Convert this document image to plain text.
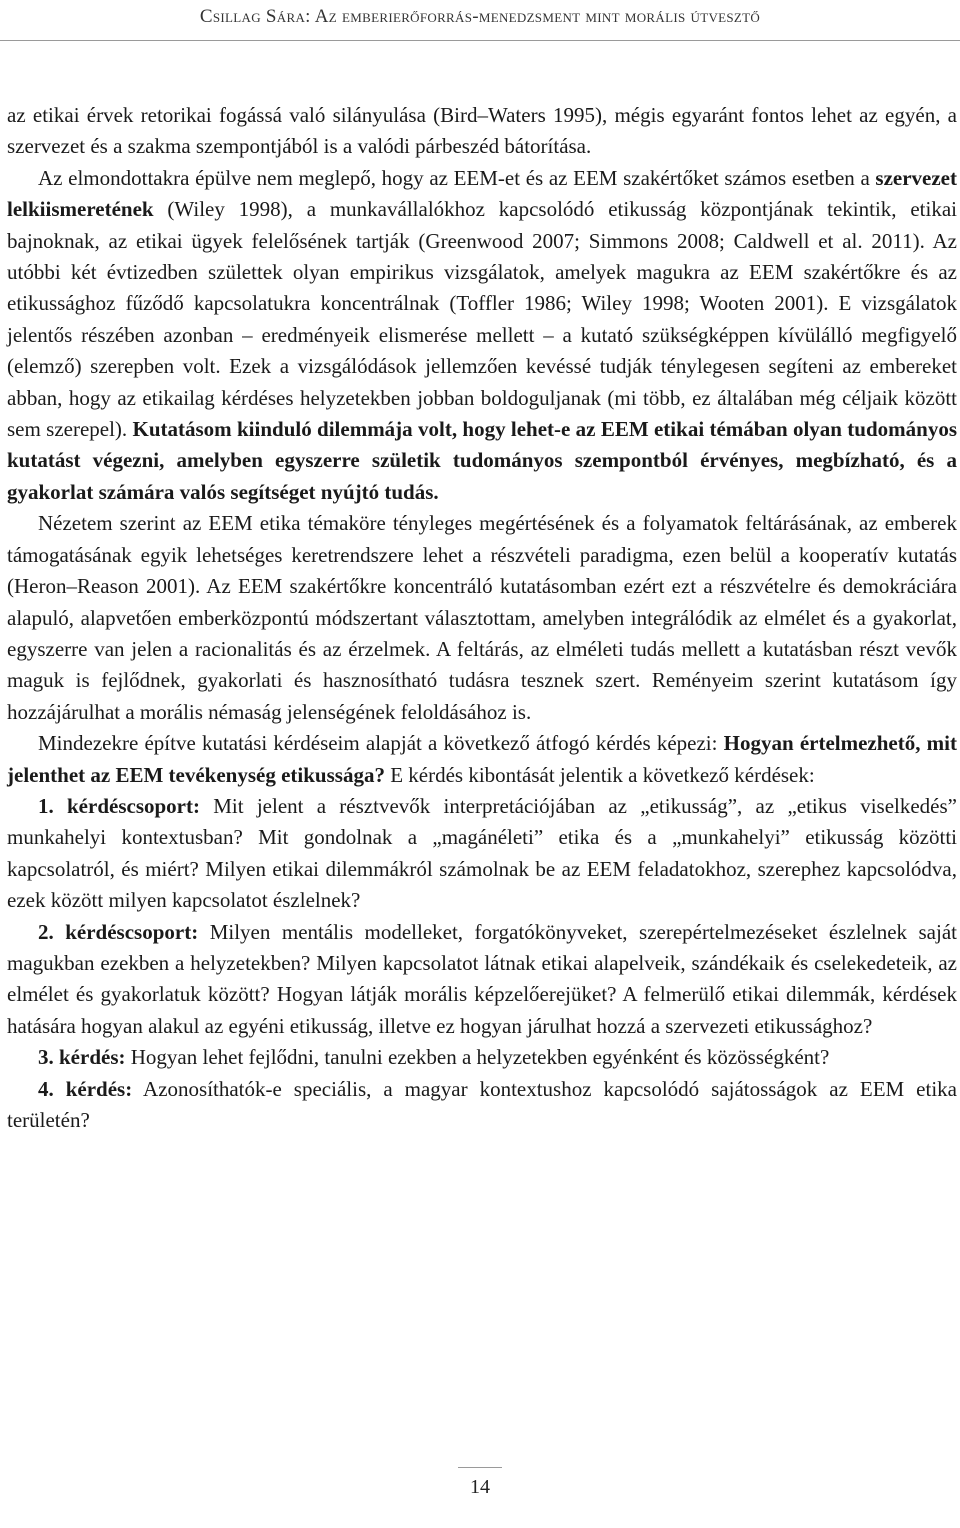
Csillag Sára: Az emberierőforrás-menedzsment mint morális útvesztő

az etikai érvek retorikai fogássá való silányulása (Bird–Waters 1995), mégis egyaránt fontos lehet az egyén, a szervezet és a szakma szempontjából is a valódi párbeszéd bátorítása.

Az elmondottakra épülve nem meglepő, hogy az EEM-et és az EEM szakértőket számos esetben a szervezet lelkiismeretének (Wiley 1998), a munkavállalókhoz kapcsolódó etikusság központjának tekintik, etikai bajnoknak, az etikai ügyek felelősének tartják (Greenwood 2007; Simmons 2008; Caldwell et al. 2011). Az utóbbi két évtizedben születtek olyan empirikus vizsgálatok, amelyek magukra az EEM szakértőkre és az etikussághoz fűződő kapcsolatukra koncentrálnak (Toffler 1986; Wiley 1998; Wooten 2001). E vizsgálatok jelentős részében azonban – eredményeik elismerése mellett – a kutató szükségképpen kívülálló megfigyelő (elemző) szerepben volt. Ezek a vizsgálódások jellemzően kevéssé tudják ténylegesen segíteni az embereket abban, hogy az etikailag kérdéses helyzetekben jobban boldoguljanak (mi több, ez általában még céljaik között sem szerepel). Kutatásom kiinduló dilemmája volt, hogy lehet-e az EEM etikai témában olyan tudományos kutatást végezni, amelyben egyszerre születik tudományos szempontból érvényes, megbízható, és a gyakorlat számára valós segítséget nyújtó tudás.

Nézetem szerint az EEM etika témaköre tényleges megértésének és a folyamatok feltárásának, az emberek támogatásának egyik lehetséges keretrendszere lehet a részvételi paradigma, ezen belül a kooperatív kutatás (Heron–Reason 2001). Az EEM szakértőkre koncentráló kutatásomban ezért ezt a részvételre és demokráciára alapuló, alapvetően emberközpontú módszertant választottam, amelyben integrálódik az elmélet és a gyakorlat, egyszerre van jelen a racionalitás és az érzelmek. A feltárás, az elméleti tudás mellett a kutatásban részt vevők maguk is fejlődnek, gyakorlati és hasznosítható tudásra tesznek szert. Reményeim szerint kutatásom így hozzájárulhat a morális némaság jelenségének feloldásához is.

Mindezekre építve kutatási kérdéseim alapját a következő átfogó kérdés képezi: Hogyan értelmezhető, mit jelenthet az EEM tevékenység etikussága? E kérdés kibontását jelentik a következő kérdések:

1. kérdéscsoport: Mit jelent a résztvevők interpretációjában az „etikusság”, az „etikus viselkedés” munkahelyi kontextusban? Mit gondolnak a „magánéleti” etika és a „munkahelyi” etikusság közötti kapcsolatról, és miért? Milyen etikai dilemmákról számolnak be az EEM feladatokhoz, szerephez kapcsolódva, ezek között milyen kapcsolatot észlelnek?

2. kérdéscsoport: Milyen mentális modelleket, forgatókönyveket, szerepértelmezéseket észlelnek saját magukban ezekben a helyzetekben? Milyen kapcsolatot látnak etikai alapelveik, szándékaik és cselekedeteik, az elmélet és gyakorlatuk között? Hogyan látják morális képzelőerejüket? A felmerülő etikai dilemmák, kérdések hatására hogyan alakul az egyéni etikusság, illetve ez hogyan járulhat hozzá a szervezeti etikussághoz?

3. kérdés: Hogyan lehet fejlődni, tanulni ezekben a helyzetekben egyénként és közösségként?

4. kérdés: Azonosíthatók-e speciális, a magyar kontextushoz kapcsolódó sajátosságok az EEM etika területén?

14
